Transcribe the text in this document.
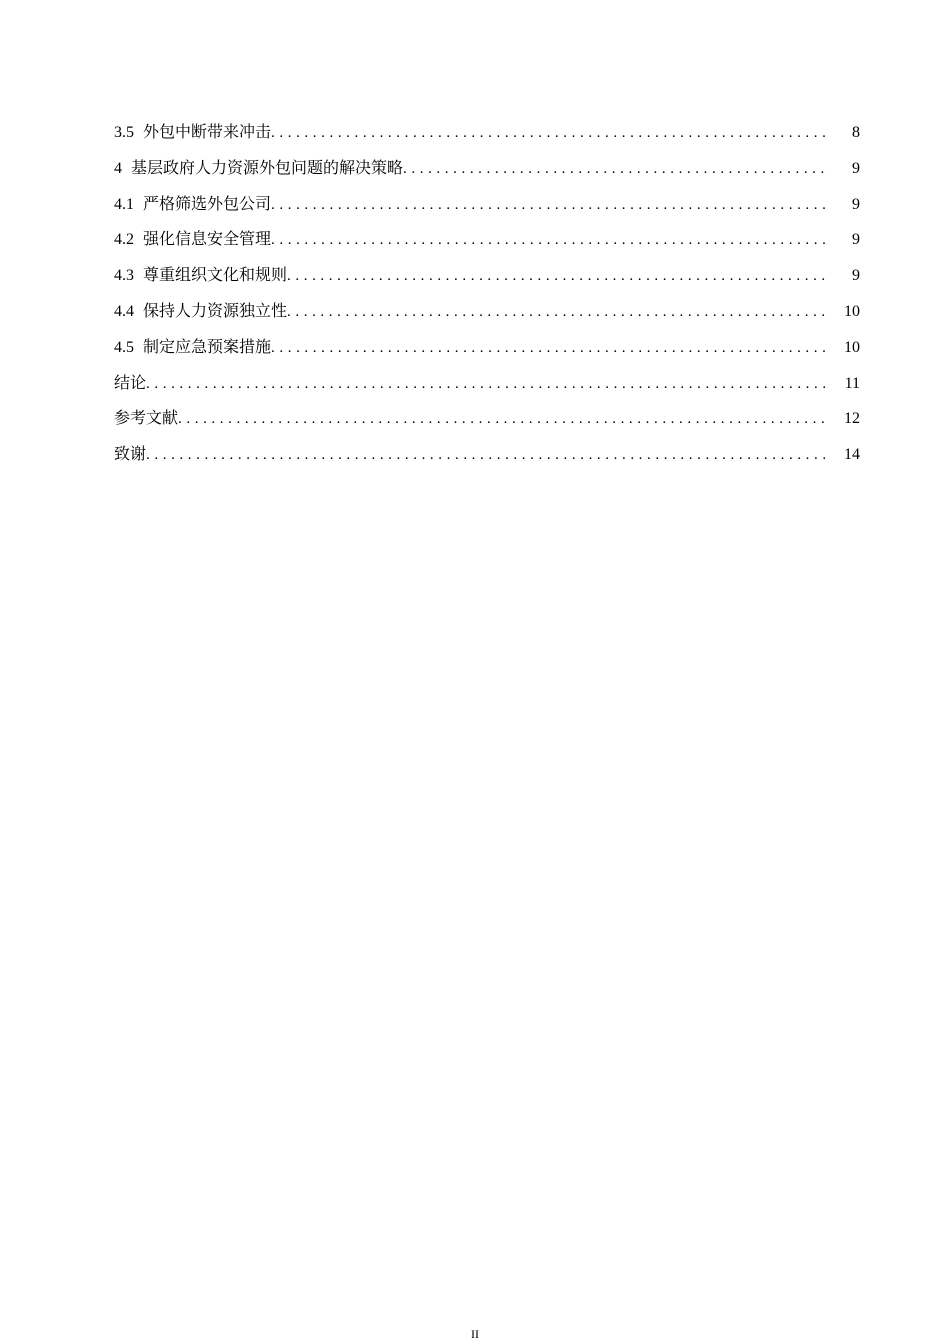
3.5 外包中断带来冲击 .....	8
4 基层政府人力资源外包问题的解决策略 .....	9
4.1 严格筛选外包公司 .....	9
4.2 强化信息安全管理 .....	9
4.3 尊重组织文化和规则 .....	9
4.4 保持人力资源独立性 .....	10
4.5 制定应急预案措施 .....	10
结论 .....	11
参考文献 .....	12
致谢 .....	14
II
